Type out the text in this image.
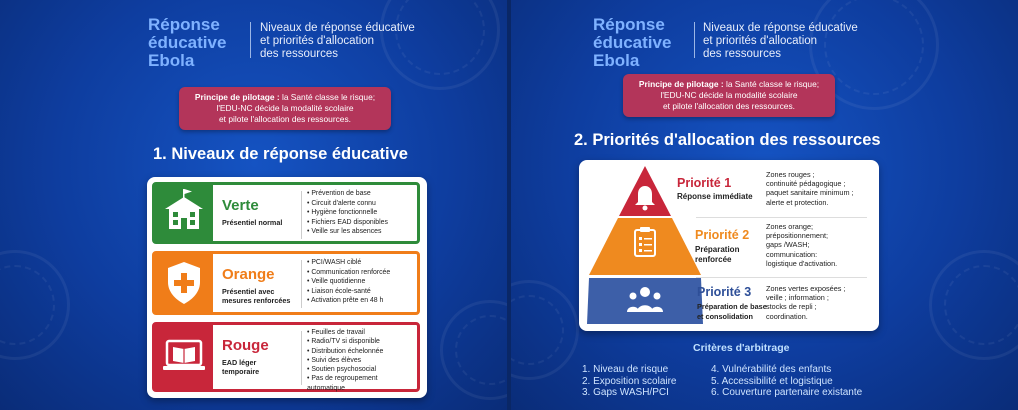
Réponse
éducative
Ebola
Niveaux de réponse éducative
et priorités d'allocation
des ressources
Principe de pilotage : la Santé classe le risque;
l'EDU-NC décide la modalité scolaire
et pilote l'allocation des ressources.
1. Niveaux de réponse éducative
Verte
Présentiel normal
• Prévention de base
• Circuit d'alerte connu
• Hygiène fonctionnelle
• Fichiers EAD disponibles
• Veille sur les absences
Orange
Présentiel avec
mesures renforcées
• PCI/WASH ciblé
• Communication renforcée
• Veille quotidienne
• Liaison école-santé
• Activation prête en 48 h
Rouge
EAD léger
temporaire
• Feuilles de travail
• Radio/TV si disponible
• Distribution échelonnée
• Suivi des élèves
• Soutien psychosocial
• Pas de regroupement automatique
Réponse
éducative
Ebola
Niveaux de réponse éducative
et priorités d'allocation
des ressources
Principe de pilotage : la Santé classe le risque;
l'EDU-NC décide la modalité scolaire
et pilote l'allocation des ressources.
2. Priorités d'allocation des ressources
Priorité 1
Réponse immédiate
Zones rouges ;
continuité pédagogique ;
paquet sanitaire minimum ;
alerte et protection.
Priorité 2
Préparation
renforcée
Zones orange;
prépositionnement;
gaps /WASH;
communication:
logistique d'activation.
Priorité 3
Préparation de base
et consolidation
Zones vertes exposées ;
veille ; information ;
stocks de repli ;
coordination.
Critères d'arbitrage
1. Niveau de risque
2. Exposition scolaire
3. Gaps WASH/PCI
4. Vulnérabilité des enfants
5. Accessibilité et logistique
6. Couverture partenaire existante
